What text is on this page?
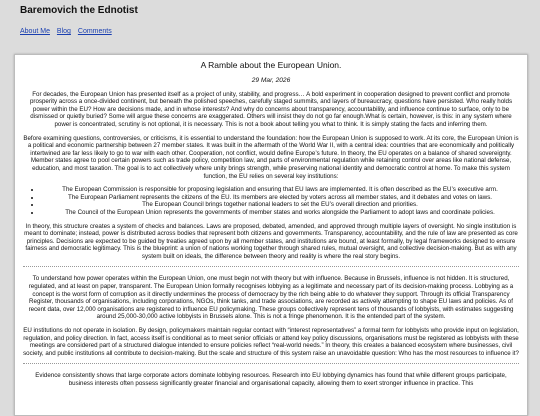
Baremovich the Ednotist
About Me Blog Comments
A Ramble about the European Union.
29 Mar, 2026

For decades, the European Union has presented itself as a project of unity, stability, and progress… A bold experiment in cooperation designed to prevent conflict and promote prosperity across a once-divided continent, but beneath the polished speeches, carefully staged summits, and layers of bureaucracy, questions have persisted. Who really holds power within the EU? How are decisions made, and in whose interests? And why do concerns about transparency, accountability, and influence continue to surface, only to be dismissed or quietly buried? Some will argue these concerns are exaggerated. Others will insist they do not go far enough.What is certain, however, is this: in any system where power is concentrated, scrutiny is not optional, it is necessary. This is not a book about telling you what to think. It is simply stating the facts and inferring them.

Before examining questions, controversies, or criticisms, it is essential to understand the foundation: how the European Union is supposed to work. At its core, the European Union is a political and economic partnership between 27 member states. It was built in the aftermath of the World War II, with a central idea: countries that are economically and politically intertwined are far less likely to go to war with each other. Cooperation, not conflict, would define Europe’s future. In theory, the EU operates on a balance of shared sovereignty. Member states agree to pool certain powers such as trade policy, competition law, and parts of environmental regulation while retaining control over areas like national defense, education, and most taxation. The goal is to act collectively where unity brings strength, while preserving national identity and democratic control at home. To make this system function, the EU relies on several key institutions:

• The European Commission is responsible for proposing legislation and ensuring that EU laws are implemented. It is often described as the EU’s executive arm.
• The European Parliament represents the citizens of the EU. Its members are elected by voters across all member states, and it debates and votes on laws.
• The European Council brings together national leaders to set the EU’s overall direction and priorities.
• The Council of the European Union represents the governments of member states and works alongside the Parliament to adopt laws and coordinate policies.

In theory, this structure creates a system of checks and balances. Laws are proposed, debated, amended, and approved through multiple layers of oversight. No single institution is meant to dominate; instead, power is distributed across bodies that represent both citizens and governments. Transparency, accountability, and the rule of law are presented as core principles. Decisions are expected to be guided by treaties agreed upon by all member states, and institutions are bound, at least formally, by legal frameworks designed to ensure fairness and democratic legitimacy. This is the blueprint: a union of nations working together through shared rules, mutual oversight, and collective decision-making. But as with any system built on ideals, the difference between theory and reality is where the real story begins.

To understand how power operates within the European Union, one must begin not with theory but with influence. Because in Brussels, influence is not hidden. It is structured, regulated, and at least on paper, transparent. The European Union formally recognises lobbying as a legitimate and necessary part of its decision-making process. Lobbying as a concept is the worst form of corruption as it directly undermines the process of democracy by the rich being able to do whatever they support. Through its official Transparency Register, thousands of organisations, including corporations, NGOs, think tanks, and trade associations, are recorded as actively attempting to shape EU laws and policies. As of recent data, over 12,000 organisations are registered to influence EU policymaking. These groups collectively represent tens of thousands of lobbyists, with estimates suggesting around 25,000-30,000 active lobbyists in Brussels alone. This is not a fringe phenomenon. It is the entended part of the system.

EU institutions do not operate in isolation. By design, policymakers maintain regular contact with “interest representatives” a formal term for lobbyists who provide input on legislation, regulation, and policy direction. In fact, access itself is conditional as to meet senior officials or attend key policy discussions, organisations must be registered as lobbyists with these meetings are considered part of a structured dialogue intended to ensure policies reflect “real-world needs.” In theory, this creates a balanced ecosystem where businesses, civil society, and public institutions all contribute to decision-making. But the scale and structure of this system raise an unavoidable question: Who has the most resources to influence it?

Evidence consistently shows that large corporate actors dominate lobbying resources. Research into EU lobbying dynamics has found that while different groups participate, business interests often possess significantly greater financial and organisational capacity, allowing them to exert stronger influence in practice. This
